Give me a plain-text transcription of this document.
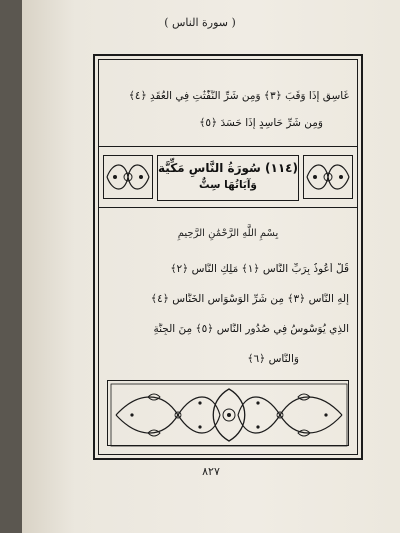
( سورة الناس )
غَاسِقٍ إِذَا وَقَبَ ﴿٣﴾ وَمِن شَرِّ النَّفَّٰثَٰتِ فِي الْعُقَدِ ﴿٤﴾
وَمِن شَرِّ حَاسِدٍ إِذَا حَسَدَ ﴿٥﴾
(١١٤) سُورَةُ النَّاسِ مَكِّيَّة
وَآيَاتُهَا سِتٌّ
بِسْمِ اللَّهِ الرَّحْمَٰنِ الرَّحِيمِ
قُلْ أَعُوذُ بِرَبِّ النَّاسِ ﴿١﴾ مَلِكِ النَّاسِ ﴿٢﴾
إِلَٰهِ النَّاسِ ﴿٣﴾ مِن شَرِّ الْوَسْوَاسِ الْخَنَّاسِ ﴿٤﴾
الَّذِي يُوَسْوِسُ فِي صُدُورِ النَّاسِ ﴿٥﴾ مِنَ الْجِنَّةِ
وَالنَّاسِ ﴿٦﴾
٨٢٧
